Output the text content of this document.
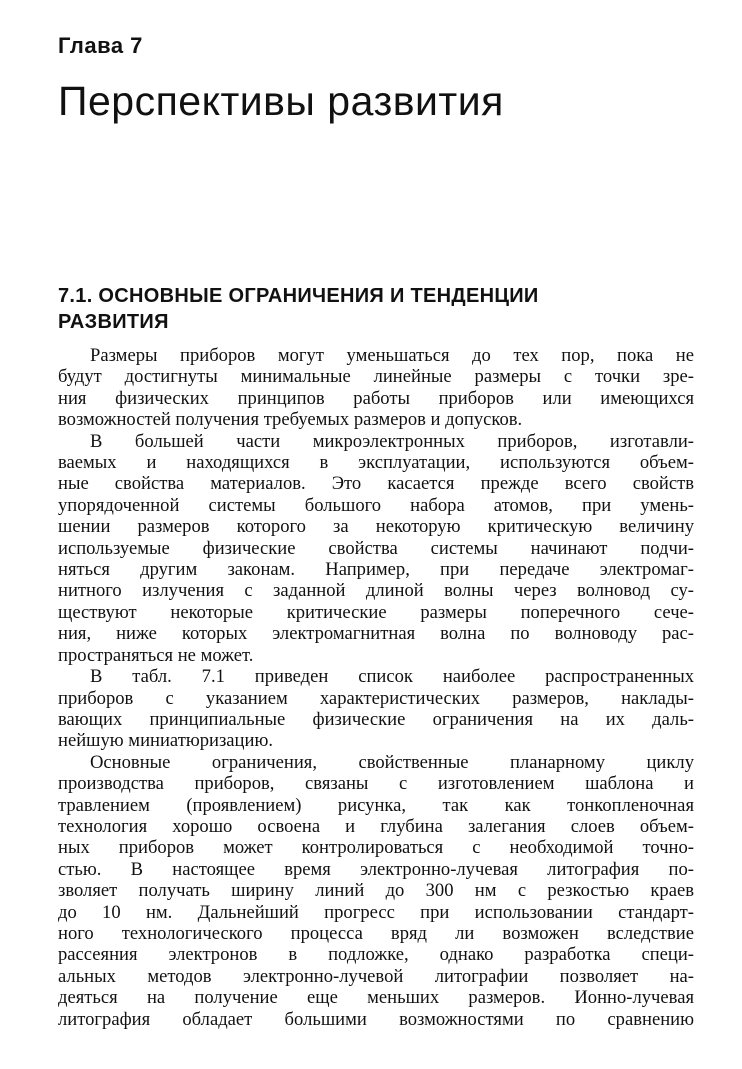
Глава 7
Перспективы развития
7.1. ОСНОВНЫЕ ОГРАНИЧЕНИЯ И ТЕНДЕНЦИИ
РАЗВИТИЯ
Размеры приборов могут уменьшаться до тех пор, пока не
будут достигнуты минимальные линейные размеры с точки зре-
ния физических принципов работы приборов или имеющихся
возможностей получения требуемых размеров и допусков.
В большей части микроэлектронных приборов, изготавли-
ваемых и находящихся в эксплуатации, используются объем-
ные свойства материалов. Это касается прежде всего свойств
упорядоченной системы большого набора атомов, при умень-
шении размеров которого за некоторую критическую величину
используемые физические свойства системы начинают подчи-
няться другим законам. Например, при передаче электромаг-
нитного излучения с заданной длиной волны через волновод су-
ществуют некоторые критические размеры поперечного сече-
ния, ниже которых электромагнитная волна по волноводу рас-
пространяться не может.
В табл. 7.1 приведен список наиболее распространенных
приборов с указанием характеристических размеров, наклады-
вающих принципиальные физические ограничения на их даль-
нейшую миниатюризацию.
Основные ограничения, свойственные планарному циклу
производства приборов, связаны с изготовлением шаблона и
травлением (проявлением) рисунка, так как тонкопленочная
технология хорошо освоена и глубина залегания слоев объем-
ных приборов может контролироваться с необходимой точно-
стью. В настоящее время электронно-лучевая литография по-
зволяет получать ширину линий до 300 нм с резкостью краев
до 10 нм. Дальнейший прогресс при использовании стандарт-
ного технологического процесса вряд ли возможен вследствие
рассеяния электронов в подложке, однако разработка специ-
альных методов электронно-лучевой литографии позволяет на-
деяться на получение еще меньших размеров. Ионно-лучевая
литография обладает большими возможностями по сравнению
